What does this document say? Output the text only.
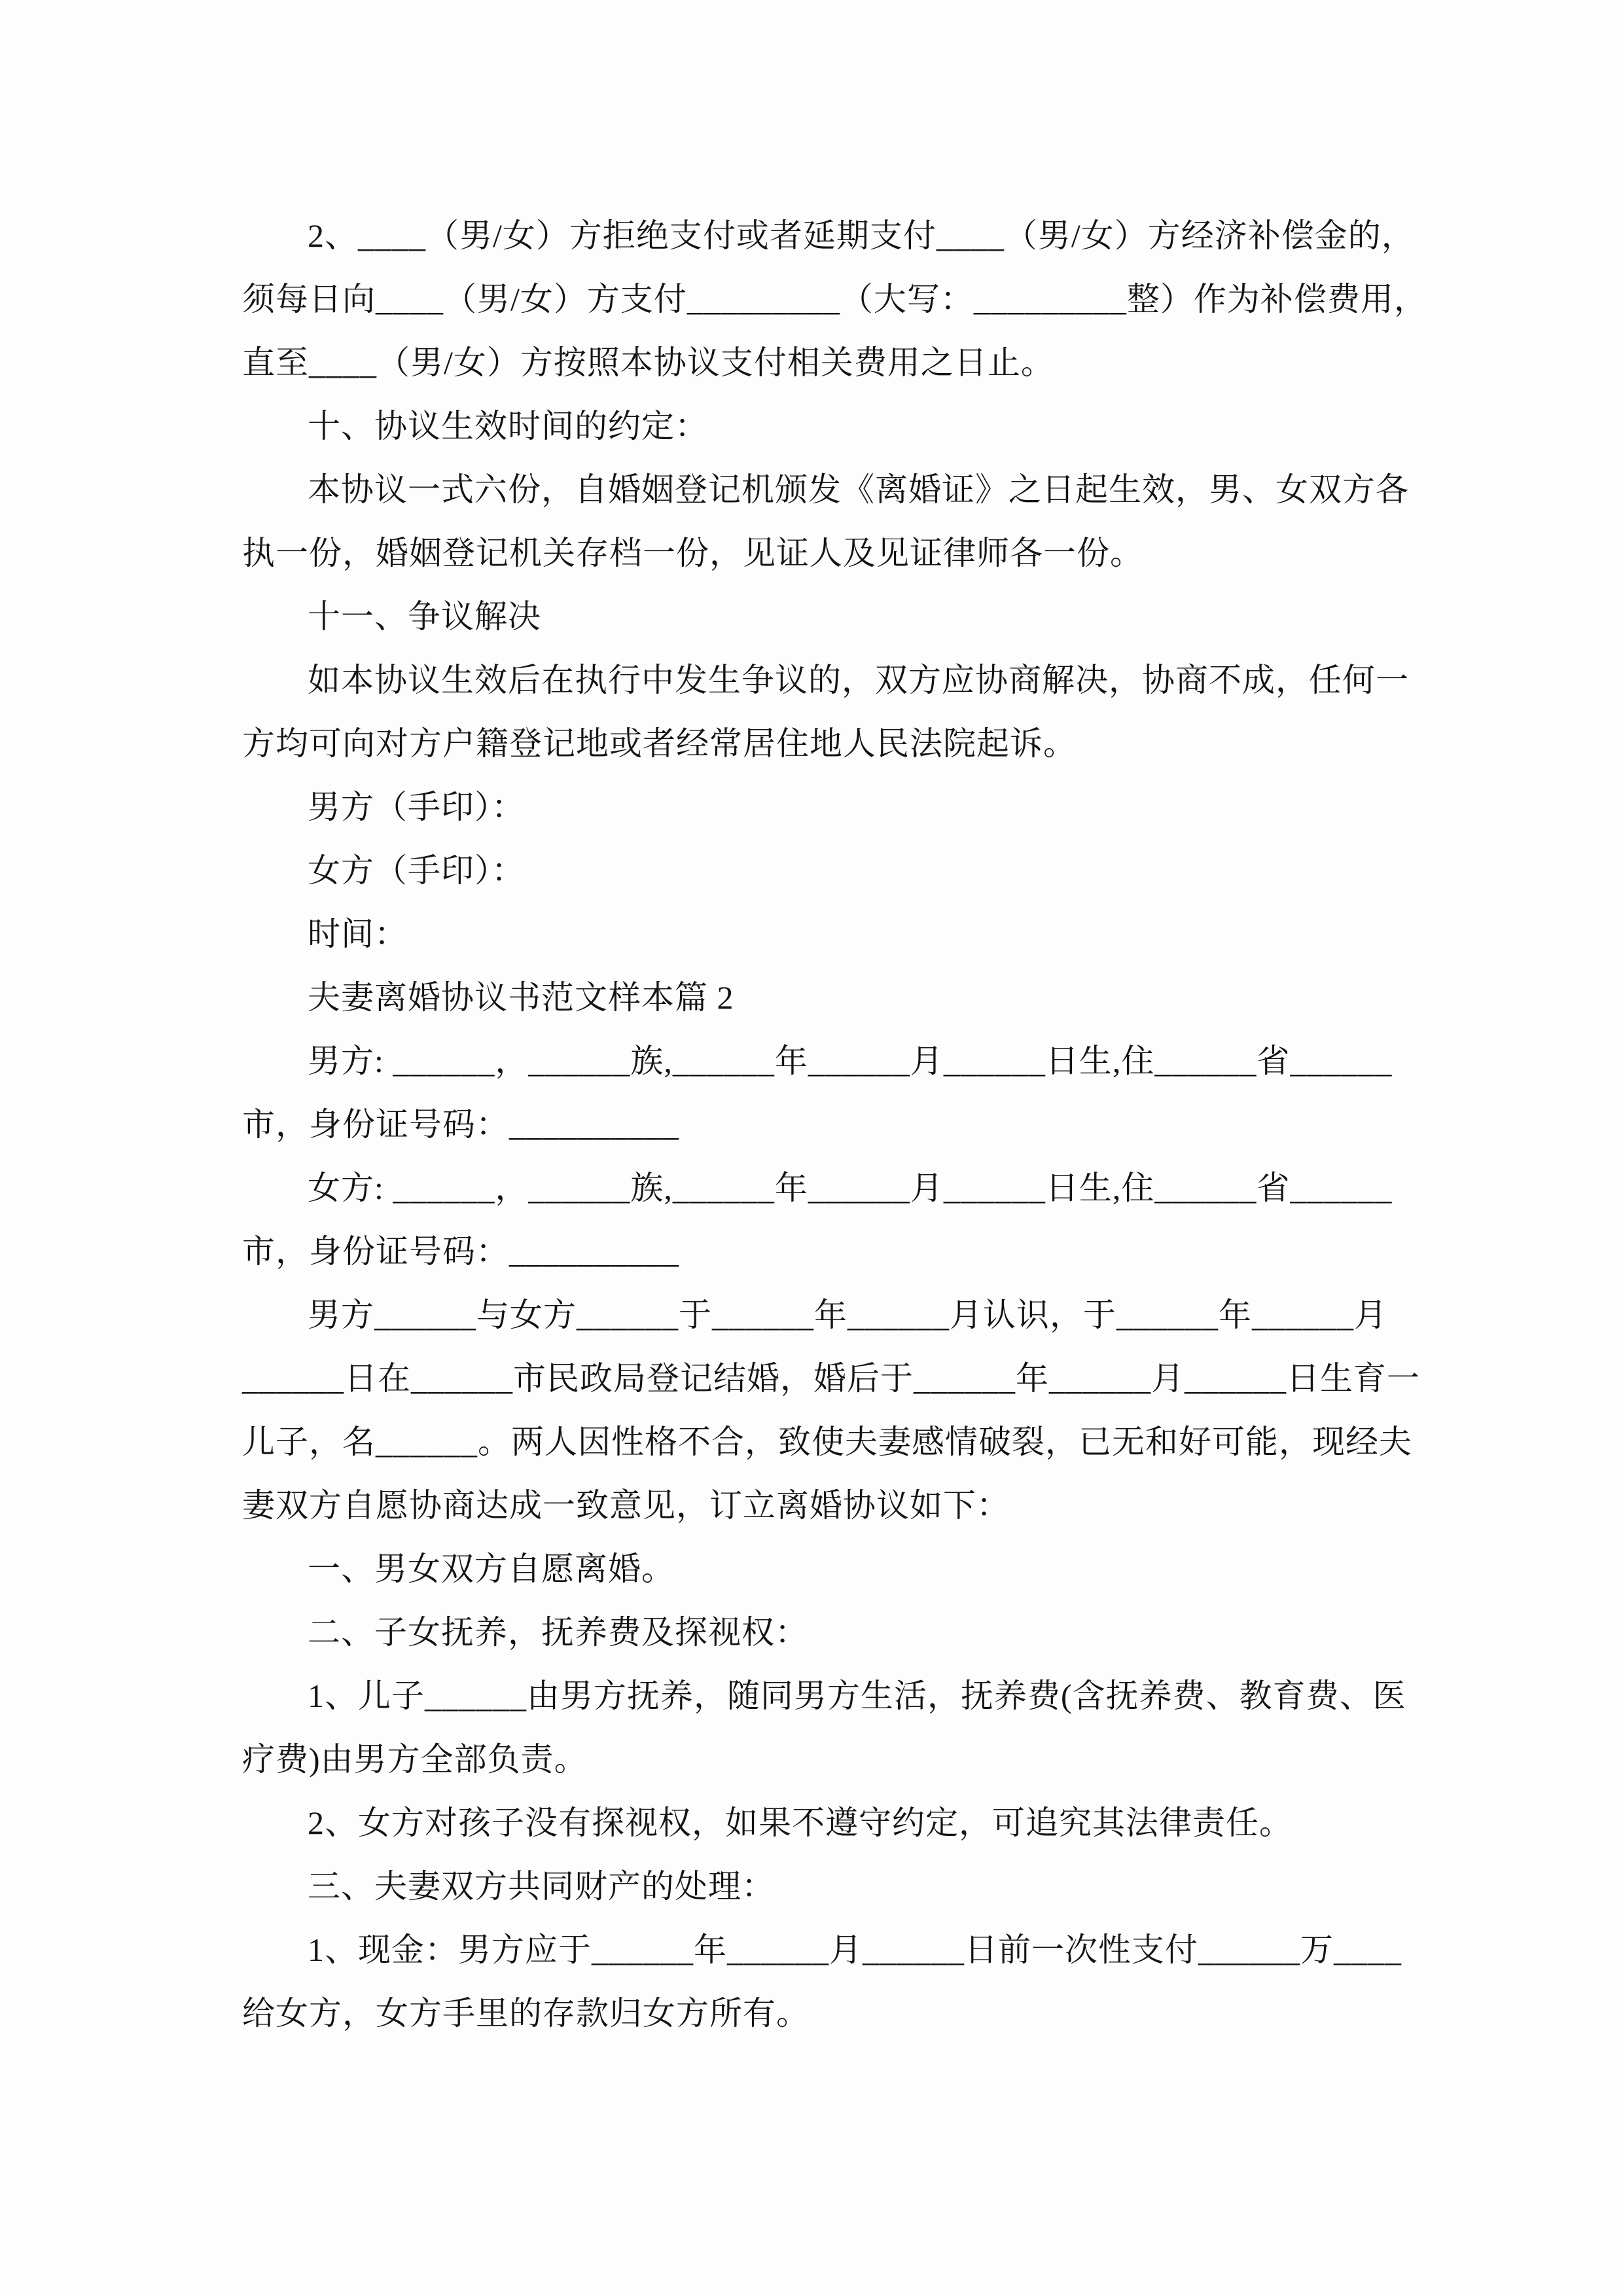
2、____（男/女）方拒绝支付或者延期支付____（男/女）方经济补偿金的，
须每日向____（男/女）方支付_________（大写：_________整）作为补偿费用，
直至____（男/女）方按照本协议支付相关费用之日止。
十、协议生效时间的约定：
本协议一式六份，自婚姻登记机颁发《离婚证》之日起生效，男、女双方各
执一份，婚姻登记机关存档一份，见证人及见证律师各一份。
十一、争议解决
如本协议生效后在执行中发生争议的，双方应协商解决，协商不成，任何一
方均可向对方户籍登记地或者经常居住地人民法院起诉。
男方（手印）：
女方（手印）：
时间：
夫妻离婚协议书范文样本篇 2
男方: ______，______族,______年______月______日生,住______省______
市，身份证号码：__________
女方: ______，______族,______年______月______日生,住______省______
市，身份证号码：__________
男方______与女方______于______年______月认识，于______年______月
______日在______市民政局登记结婚，婚后于______年______月______日生育一
儿子，名______。两人因性格不合，致使夫妻感情破裂，已无和好可能，现经夫
妻双方自愿协商达成一致意见，订立离婚协议如下：
一、男女双方自愿离婚。
二、子女抚养，抚养费及探视权：
1、儿子______由男方抚养，随同男方生活，抚养费(含抚养费、教育费、医
疗费)由男方全部负责。
2、女方对孩子没有探视权，如果不遵守约定，可追究其法律责任。
三、夫妻双方共同财产的处理：
1、现金：男方应于______年______月______日前一次性支付______万____
给女方，女方手里的存款归女方所有。
